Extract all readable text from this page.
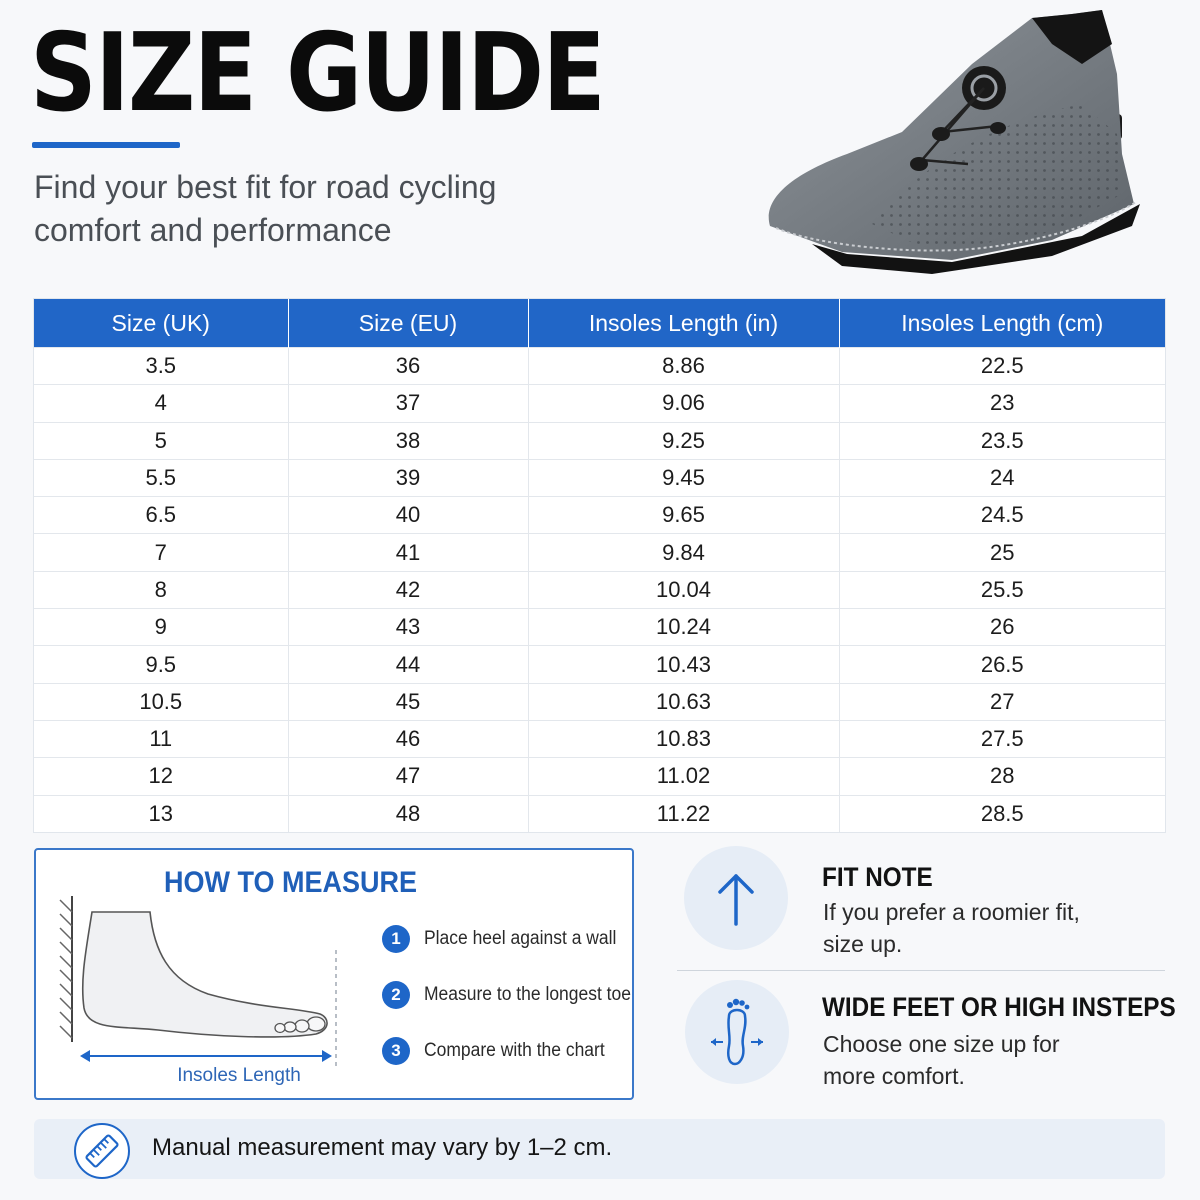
SIZE GUIDE
Find your best fit for road cycling
comfort and performance
Size (UK)	Size (EU)	Insoles Length (in)	Insoles Length (cm)
3.5	36	8.86	22.5
4	37	9.06	23
5	38	9.25	23.5
5.5	39	9.45	24
6.5	40	9.65	24.5
7	41	9.84	25
8	42	10.04	25.5
9	43	10.24	26
9.5	44	10.43	26.5
10.5	45	10.63	27
11	46	10.83	27.5
12	47	11.02	28
13	48	11.22	28.5
HOW TO MEASURE
Insoles Length
1	Place heel against a wall
2	Measure to the longest toe
3	Compare with the chart
FIT NOTE
If you prefer a roomier fit,
size up.
WIDE FEET OR HIGH INSTEPS
Choose one size up for
more comfort.
Manual measurement may vary by 1–2 cm.
